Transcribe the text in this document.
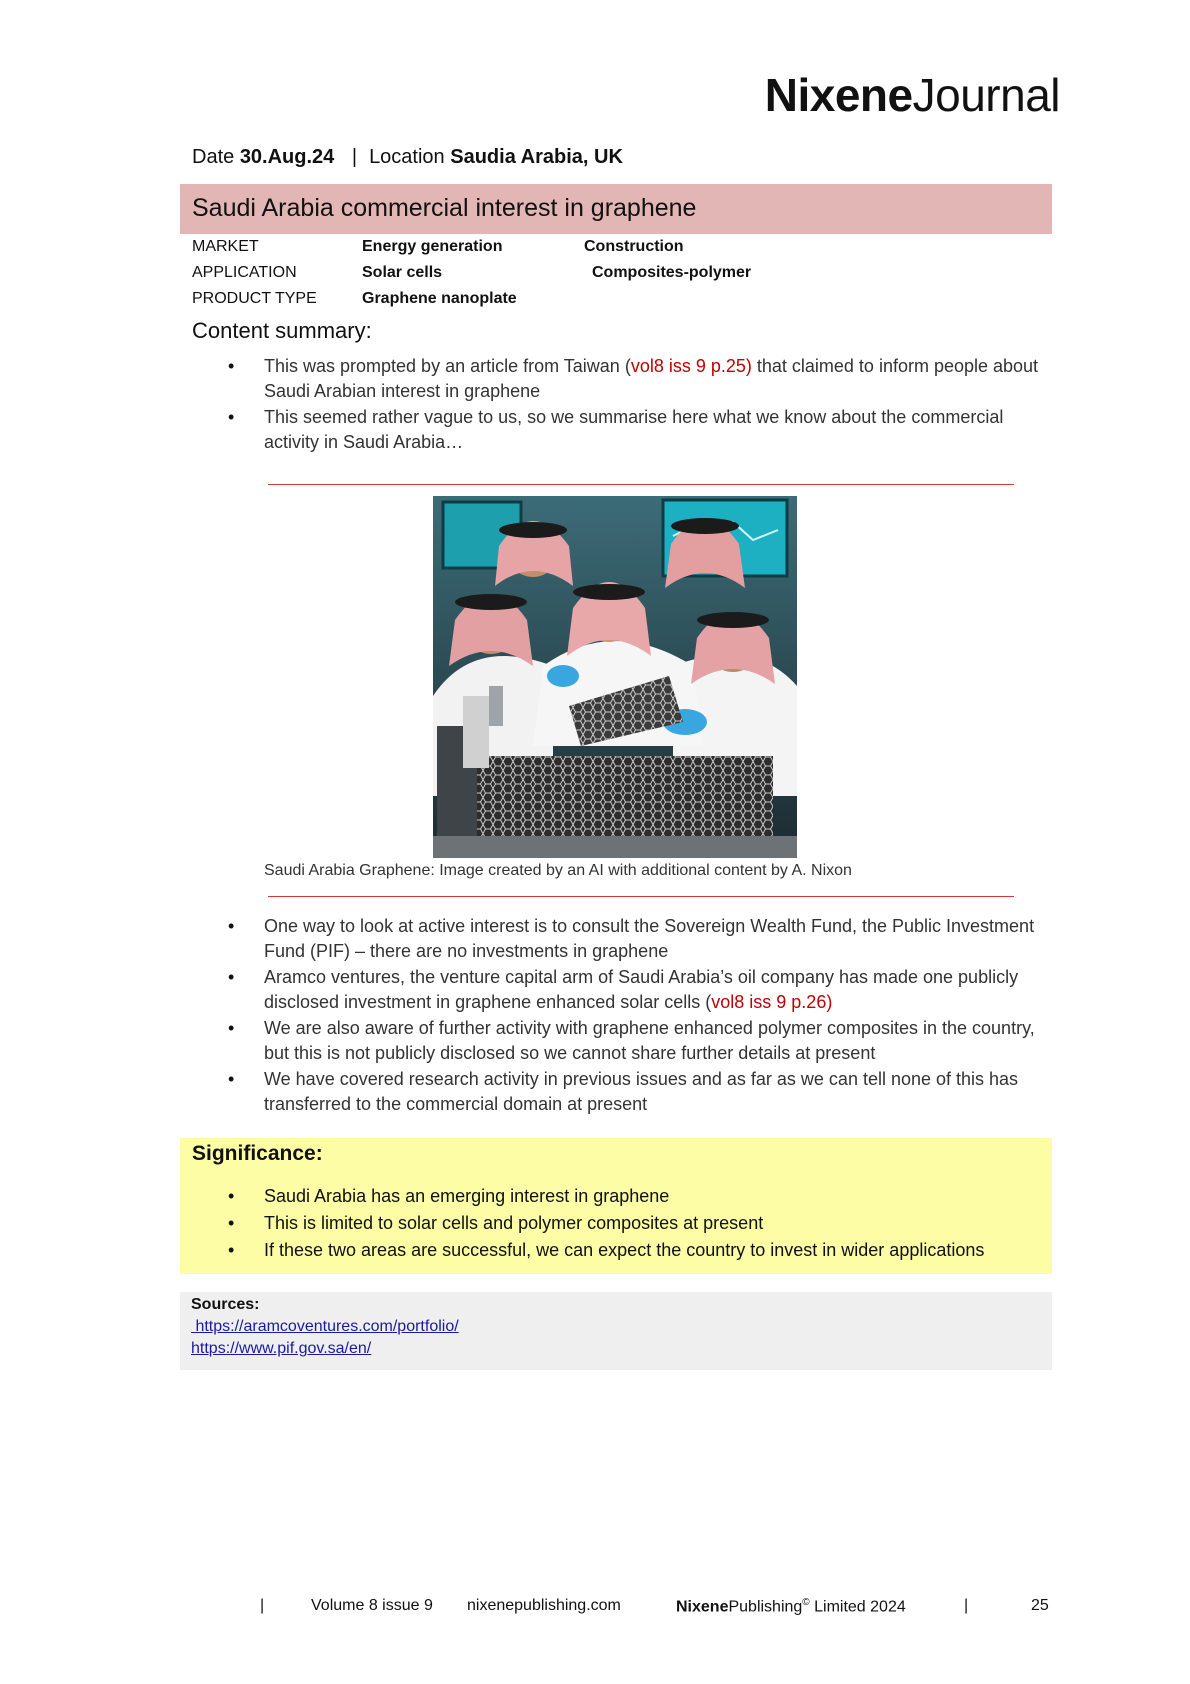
NixeneJournal
Date 30.Aug.24 | Location Saudia Arabia, UK
Saudi Arabia commercial interest in graphene
MARKET	Energy generation	Construction
APPLICATION	Solar cells	Composites-polymer
PRODUCT TYPE	Graphene nanoplate
Content summary:
• This was prompted by an article from Taiwan (vol8 iss 9 p.25) that claimed to inform people about Saudi Arabian interest in graphene
• This seemed rather vague to us, so we summarise here what we know about the commercial activity in Saudi Arabia…
Saudi Arabia Graphene: Image created by an AI with additional content by A. Nixon
• One way to look at active interest is to consult the Sovereign Wealth Fund, the Public Investment Fund (PIF) – there are no investments in graphene
• Aramco ventures, the venture capital arm of Saudi Arabia’s oil company has made one publicly disclosed investment in graphene enhanced solar cells (vol8 iss 9 p.26)
• We are also aware of further activity with graphene enhanced polymer composites in the country, but this is not publicly disclosed so we cannot share further details at present
• We have covered research activity in previous issues and as far as we can tell none of this has transferred to the commercial domain at present
Significance:
• Saudi Arabia has an emerging interest in graphene
• This is limited to solar cells and polymer composites at present
• If these two areas are successful, we can expect the country to invest in wider applications
Sources:
https://aramcoventures.com/portfolio/
https://www.pif.gov.sa/en/
|	Volume 8 issue 9 nixenepublishing.com	NixenePublishing© Limited 2024	|	25
